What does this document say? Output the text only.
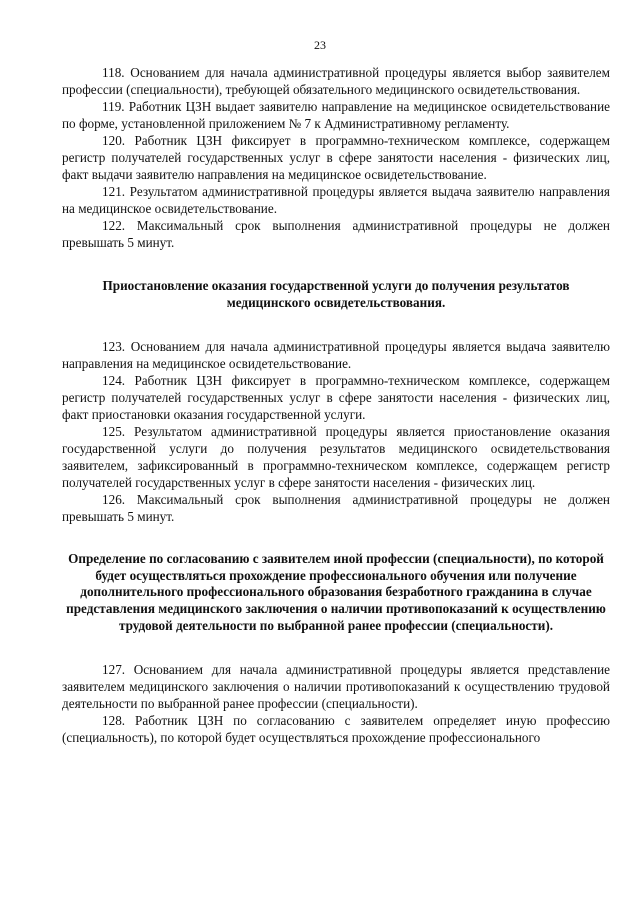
23

118. Основанием для начала административной процедуры является выбор заявителем профессии (специальности), требующей обязательного медицинского освидетельствования.

119. Работник ЦЗН выдает заявителю направление на медицинское освидетельствование по форме, установленной приложением № 7 к Административному регламенту.

120. Работник ЦЗН фиксирует в программно-техническом комплексе, содержащем регистр получателей государственных услуг в сфере занятости населения - физических лиц, факт выдачи заявителю направления на медицинское освидетельствование.

121. Результатом административной процедуры является выдача заявителю направления на медицинское освидетельствование.

122. Максимальный срок выполнения административной процедуры не должен превышать 5 минут.

Приостановление оказания государственной услуги до получения результатов медицинского освидетельствования.

123. Основанием для начала административной процедуры является выдача заявителю направления на медицинское освидетельствование.

124. Работник ЦЗН фиксирует в программно-техническом комплексе, содержащем регистр получателей государственных услуг в сфере занятости населения - физических лиц, факт приостановки оказания государственной услуги.

125. Результатом административной процедуры является приостановление оказания государственной услуги до получения результатов медицинского освидетельствования заявителем, зафиксированный в программно-техническом комплексе, содержащем регистр получателей государственных услуг в сфере занятости населения - физических лиц.

126. Максимальный срок выполнения административной процедуры не должен превышать 5 минут.

Определение по согласованию с заявителем иной профессии (специальности), по которой будет осуществляться прохождение профессионального обучения или получение дополнительного профессионального образования безработного гражданина в случае представления медицинского заключения о наличии противопоказаний к осуществлению трудовой деятельности по выбранной ранее профессии (специальности).

127. Основанием для начала административной процедуры является представление заявителем медицинского заключения о наличии противопоказаний к осуществлению трудовой деятельности по выбранной ранее профессии (специальности).

128. Работник ЦЗН по согласованию с заявителем определяет иную профессию (специальность), по которой будет осуществляться прохождение профессионального
